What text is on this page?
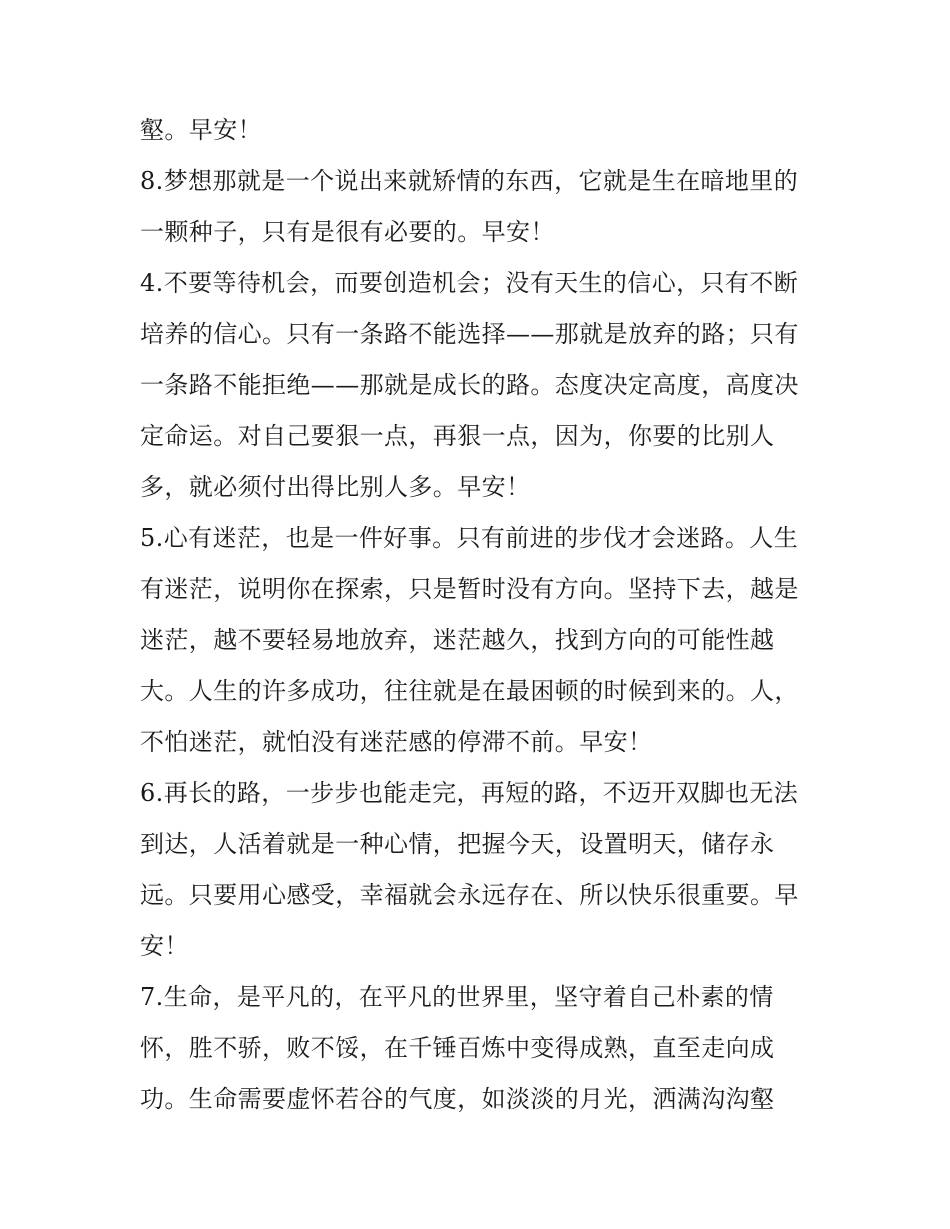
壑。早安！
8.梦想那就是一个说出来就矫情的东西，它就是生在暗地里的
一颗种子，只有是很有必要的。早安！
4.不要等待机会，而要创造机会；没有天生的信心，只有不断
培养的信心。只有一条路不能选择——那就是放弃的路；只有
一条路不能拒绝——那就是成长的路。态度决定高度，高度决
定命运。对自己要狠一点，再狠一点，因为，你要的比别人
多，就必须付出得比别人多。早安！
5.心有迷茫，也是一件好事。只有前进的步伐才会迷路。人生
有迷茫，说明你在探索，只是暂时没有方向。坚持下去，越是
迷茫，越不要轻易地放弃，迷茫越久，找到方向的可能性越
大。人生的许多成功，往往就是在最困顿的时候到来的。人，
不怕迷茫，就怕没有迷茫感的停滞不前。早安！
6.再长的路，一步步也能走完，再短的路，不迈开双脚也无法
到达，人活着就是一种心情，把握今天，设置明天，储存永
远。只要用心感受，幸福就会永远存在、所以快乐很重要。早
安！
7.生命，是平凡的，在平凡的世界里，坚守着自己朴素的情
怀，胜不骄，败不馁，在千锤百炼中变得成熟，直至走向成
功。生命需要虚怀若谷的气度，如淡淡的月光，洒满沟沟壑
